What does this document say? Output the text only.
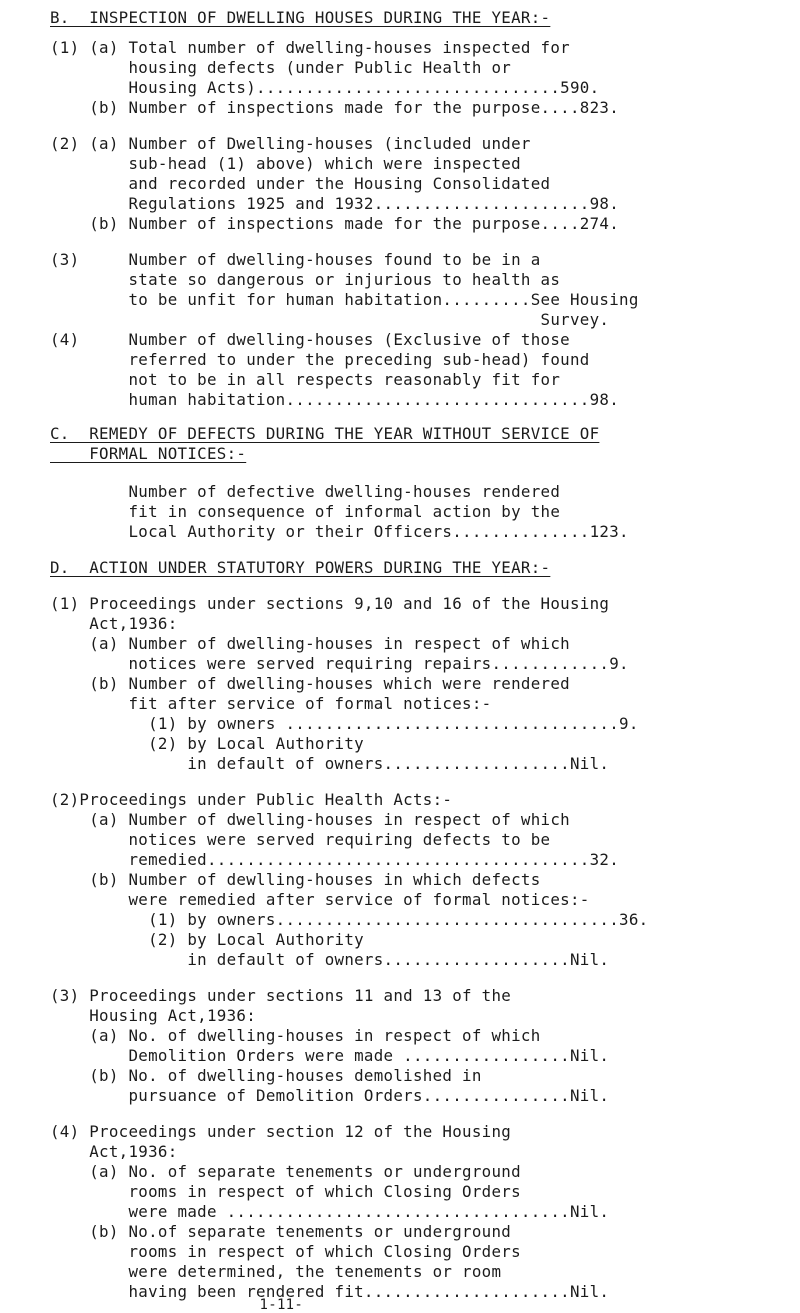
B.  INSPECTION OF DWELLING HOUSES DURING THE YEAR:-
(1) (a) Total number of dwelling-houses inspected for
housing defects (under Public Health or
Housing Acts)...............................590.
(b) Number of inspections made for the purpose....823.
(2) (a) Number of Dwelling-houses (included under
sub-head (1) above) which were inspected
and recorded under the Housing Consolidated
Regulations 1925 and 1932......................98.
(b) Number of inspections made for the purpose....274.
(3)     Number of dwelling-houses found to be in a
state so dangerous or injurious to health as
to be unfit for human habitation.........See Housing
Survey.
(4)     Number of dwelling-houses (Exclusive of those
referred to under the preceding sub-head) found
not to be in all respects reasonably fit for
human habitation...............................98.
C.  REMEDY OF DEFECTS DURING THE YEAR WITHOUT SERVICE OF
FORMAL NOTICES:-
Number of defective dwelling-houses rendered
fit in consequence of informal action by the
Local Authority or their Officers..............123.
D.  ACTION UNDER STATUTORY POWERS DURING THE YEAR:-
(1) Proceedings under sections 9,10 and 16 of the Housing
Act,1936:
(a) Number of dwelling-houses in respect of which
notices were served requiring repairs............9.
(b) Number of dwelling-houses which were rendered
fit after service of formal notices:-
(1) by owners ..................................9.
(2) by Local Authority
in default of owners...................Nil.
(2)Proceedings under Public Health Acts:-
(a) Number of dwelling-houses in respect of which
notices were served requiring defects to be
remedied.......................................32.
(b) Number of dewlling-houses in which defects
were remedied after service of formal notices:-
(1) by owners...................................36.
(2) by Local Authority
in default of owners...................Nil.
(3) Proceedings under sections 11 and 13 of the
Housing Act,1936:
(a) No. of dwelling-houses in respect of which
Demolition Orders were made .................Nil.
(b) No. of dwelling-houses demolished in
pursuance of Demolition Orders...............Nil.
(4) Proceedings under section 12 of the Housing
Act,1936:
(a) No. of separate tenements or underground
rooms in respect of which Closing Orders
were made ...................................Nil.
(b) No.of separate tenements or underground
rooms in respect of which Closing Orders
were determined, the tenements or room
having been rendered fit.....................Nil.
1-11-
